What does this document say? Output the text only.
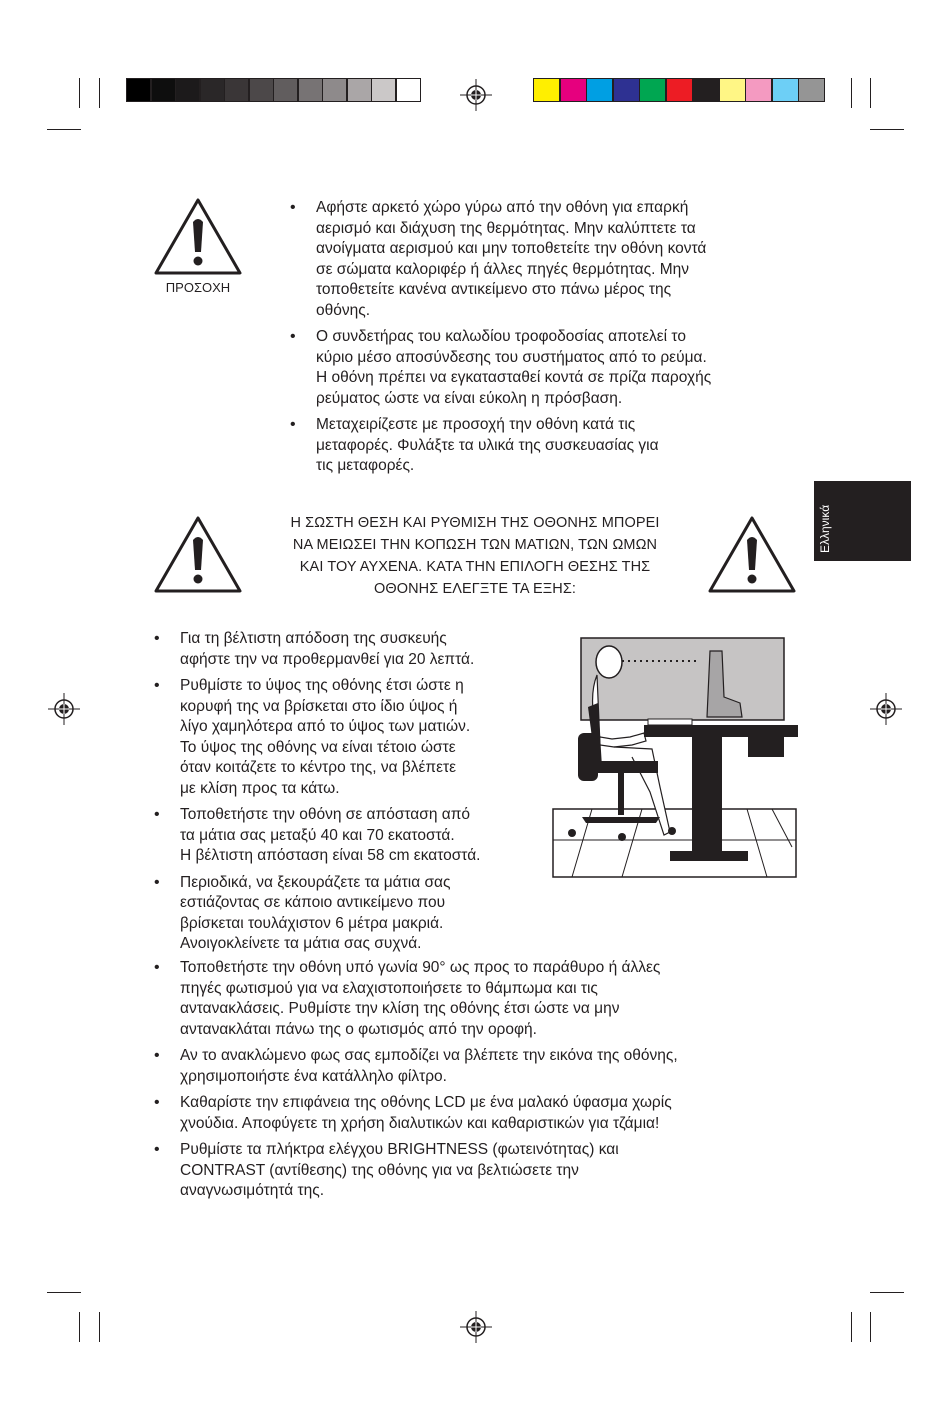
ΠΡΟΣΟΧΗ
• Αφήστε αρκετό χώρο γύρω από την οθόνη για επαρκή
αερισμό και διάχυση της θερμότητας. Μην καλύπτετε τα
ανοίγματα αερισμού και μην τοποθετείτε την οθόνη κοντά
σε σώματα καλοριφέρ ή άλλες πηγές θερμότητας. Μην
τοποθετείτε κανένα αντικείμενο στο πάνω μέρος της
οθόνης.
• Ο συνδετήρας του καλωδίου τροφοδοσίας αποτελεί το
κύριο μέσο αποσύνδεσης του συστήματος από το ρεύμα.
Η οθόνη πρέπει να εγκατασταθεί κοντά σε πρίζα παροχής
ρεύματος ώστε να είναι εύκολη η πρόσβαση.
• Μεταχειρίζεστε με προσοχή την οθόνη κατά τις
μεταφορές. Φυλάξτε τα υλικά της συσκευασίας για
τις μεταφορές.
Η ΣΩΣΤΗ ΘΕΣΗ ΚΑΙ ΡΥΘΜΙΣΗ ΤΗΣ ΟΘΟΝΗΣ ΜΠΟΡΕΙ
ΝΑ ΜΕΙΩΣΕΙ ΤΗΝ ΚΟΠΩΣΗ ΤΩΝ ΜΑΤΙΩΝ, ΤΩΝ ΩΜΩΝ
ΚΑΙ ΤΟΥ ΑΥΧΕΝΑ. ΚΑΤΑ ΤΗΝ ΕΠΙΛΟΓΗ ΘΕΣΗΣ ΤΗΣ
ΟΘΟΝΗΣ ΕΛΕΓΞΤΕ ΤΑ ΕΞΗΣ:
Ελληνικά
• Για τη βέλτιστη απόδοση της συσκευής
αφήστε την να προθερμανθεί για 20 λεπτά.
• Ρυθμίστε το ύψος της οθόνης έτσι ώστε η
κορυφή της να βρίσκεται στο ίδιο ύψος ή
λίγο χαμηλότερα από το ύψος των ματιών.
Το ύψος της οθόνης να είναι τέτοιο ώστε
όταν κοιτάζετε το κέντρο της, να βλέπετε
με κλίση προς τα κάτω.
• Τοποθετήστε την οθόνη σε απόσταση από
τα μάτια σας μεταξύ 40 και 70 εκατοστά.
Η βέλτιστη απόσταση είναι 58 cm εκατοστά.
• Περιοδικά, να ξεκουράζετε τα μάτια σας
εστιάζοντας σε κάποιο αντικείμενο που
βρίσκεται τουλάχιστον 6 μέτρα μακριά.
Ανοιγοκλείνετε τα μάτια σας συχνά.
• Τοποθετήστε την οθόνη υπό γωνία 90° ως προς το παράθυρο ή άλλες
πηγές φωτισμού για να ελαχιστοποιήσετε το θάμπωμα και τις
αντανακλάσεις. Ρυθμίστε την κλίση της οθόνης έτσι ώστε να μην
αντανακλάται πάνω της ο φωτισμός από την οροφή.
• Αν το ανακλώμενο φως σας εμποδίζει να βλέπετε την εικόνα της οθόνης,
χρησιμοποιήστε ένα κατάλληλο φίλτρο.
• Καθαρίστε την επιφάνεια της οθόνης LCD με ένα μαλακό ύφασμα χωρίς
χνούδια. Αποφύγετε τη χρήση διαλυτικών και καθαριστικών για τζάμια!
• Ρυθμίστε τα πλήκτρα ελέγχου BRIGHTNESS (φωτεινότητας) και
CONTRAST (αντίθεσης) της οθόνης για να βελτιώσετε την
αναγνωσιμότητά της.
